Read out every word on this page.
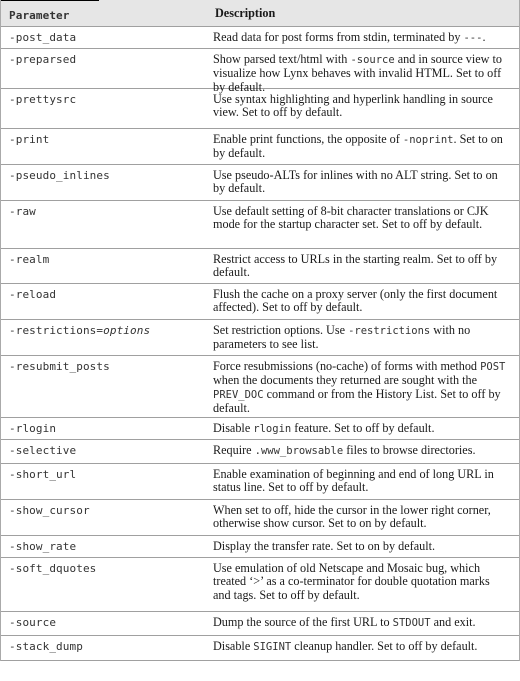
Parameter	Description
-post_data	Read data for post forms from stdin, terminated by ---.
-preparsed	Show parsed text/html with -source and in source view to visualize how Lynx behaves with invalid HTML. Set to off by default.
-prettysrc	Use syntax highlighting and hyperlink handling in source view. Set to off by default.
-print	Enable print functions, the opposite of -noprint. Set to on by default.
-pseudo_inlines	Use pseudo-ALTs for inlines with no ALT string. Set to on by default.
-raw	Use default setting of 8-bit character translations or CJK mode for the startup character set. Set to off by default.
-realm	Restrict access to URLs in the starting realm. Set to off by default.
-reload	Flush the cache on a proxy server (only the first document affected). Set to off by default.
-restrictions=options	Set restriction options. Use -restrictions with no parameters to see list.
-resubmit_posts	Force resubmissions (no-cache) of forms with method POST when the documents they returned are sought with the PREV_DOC command or from the History List. Set to off by default.
-rlogin	Disable rlogin feature. Set to off by default.
-selective	Require .www_browsable files to browse directories.
-short_url	Enable examination of beginning and end of long URL in status line. Set to off by default.
-show_cursor	When set to off, hide the cursor in the lower right corner, otherwise show cursor. Set to on by default.
-show_rate	Display the transfer rate. Set to on by default.
-soft_dquotes	Use emulation of old Netscape and Mosaic bug, which treated ‘>’ as a co-terminator for double quotation marks and tags. Set to off by default.
-source	Dump the source of the first URL to STDOUT and exit.
-stack_dump	Disable SIGINT cleanup handler. Set to off by default.
